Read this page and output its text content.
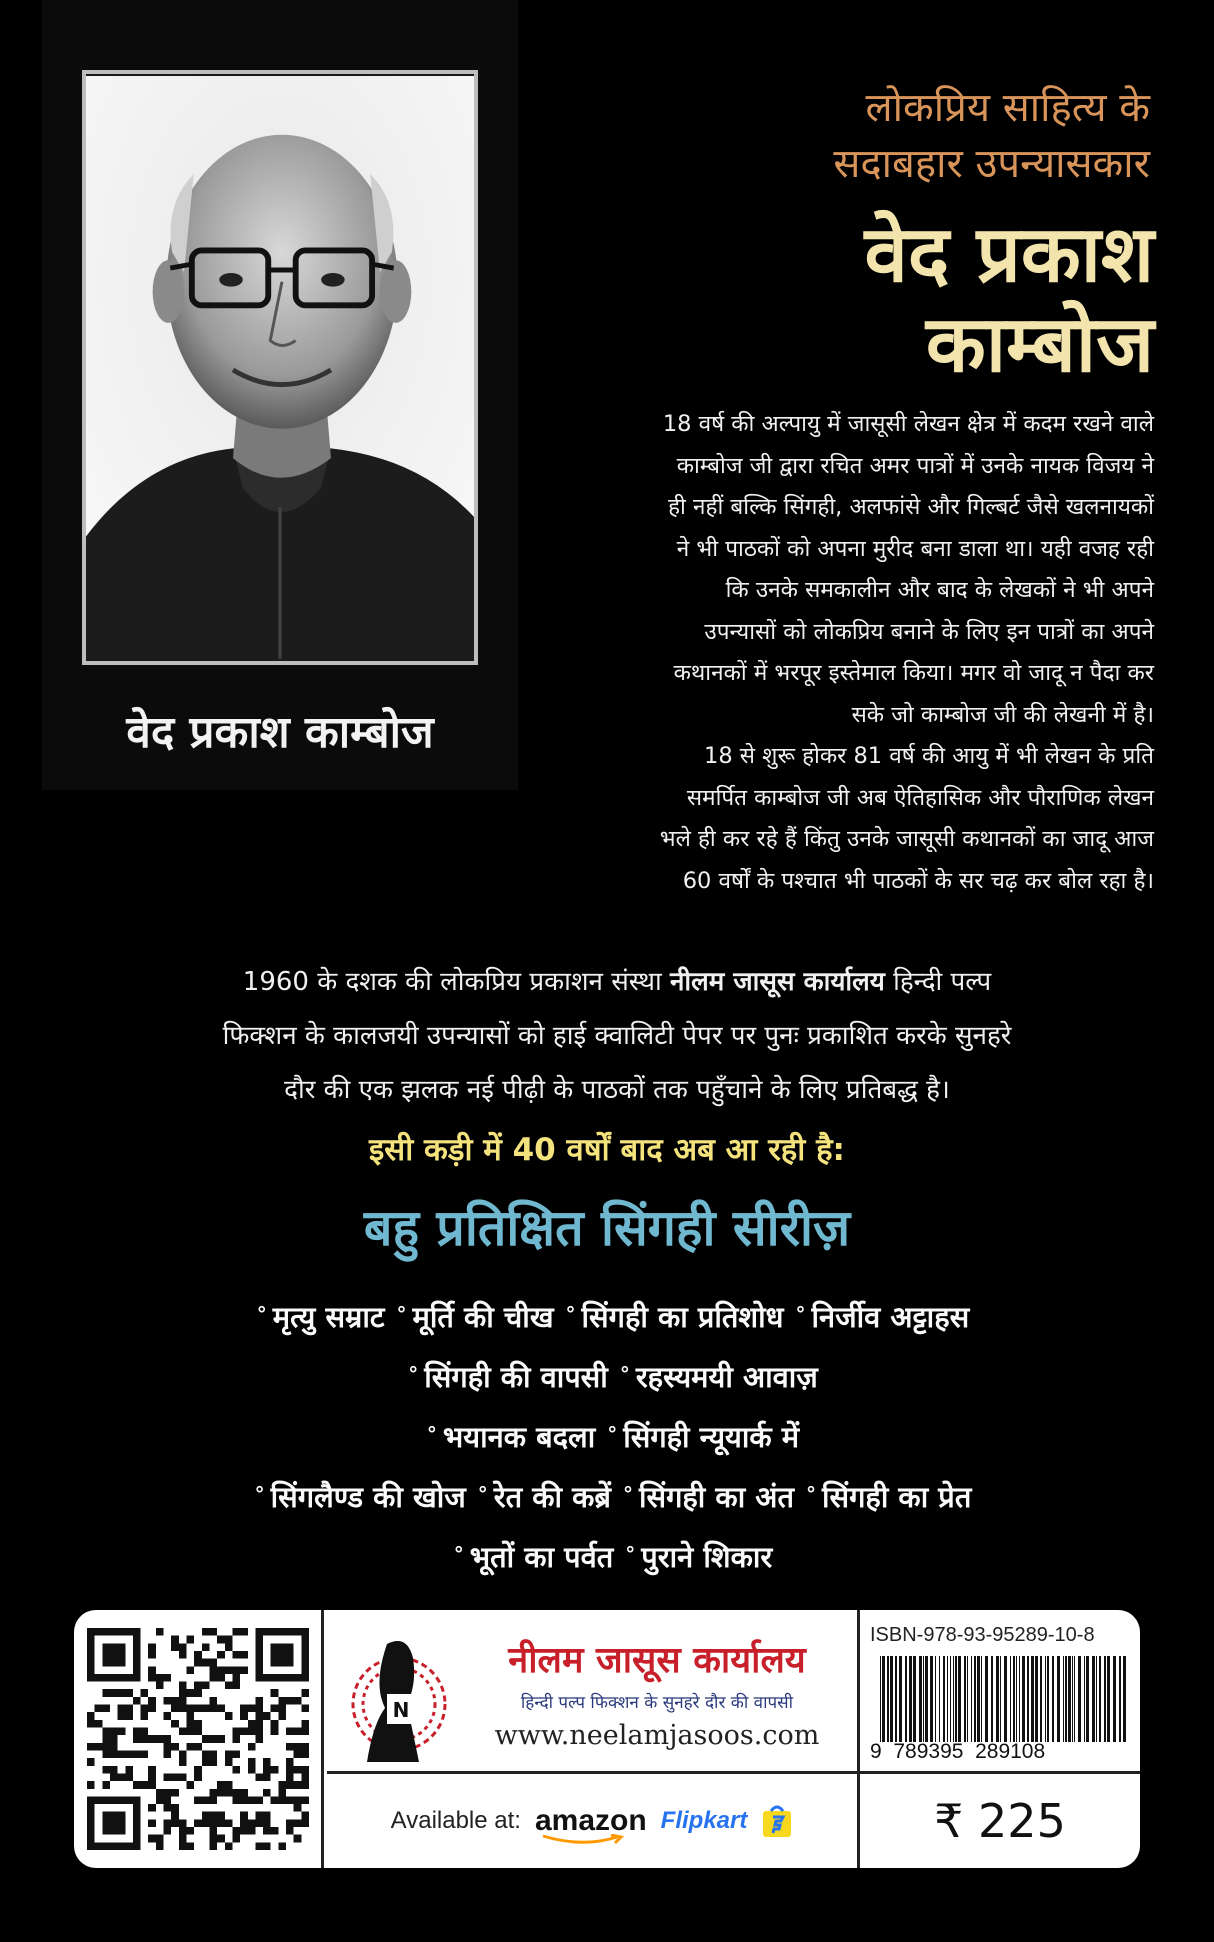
वेद प्रकाश काम्बोज
लोकप्रिय साहित्य के
सदाबहार उपन्यासकार
वेद प्रकाश
काम्बोज
18 वर्ष की अल्पायु में जासूसी लेखन क्षेत्र में कदम रखने वाले
काम्बोज जी द्वारा रचित अमर पात्रों में उनके नायक विजय ने
ही नहीं बल्कि सिंगही, अलफांसे और गिल्बर्ट जैसे खलनायकों
ने भी पाठकों को अपना मुरीद बना डाला था। यही वजह रही
कि उनके समकालीन और बाद के लेखकों ने भी अपने
उपन्यासों को लोकप्रिय बनाने के लिए इन पात्रों का अपने
कथानकों में भरपूर इस्तेमाल किया। मगर वो जादू न पैदा कर
सके जो काम्बोज जी की लेखनी में है।
18 से शुरू होकर 81 वर्ष की आयु में भी लेखन के प्रति
समर्पित काम्बोज जी अब ऐतिहासिक और पौराणिक लेखन
भले ही कर रहे हैं किंतु उनके जासूसी कथानकों का जादू आज
60 वर्षों के पश्चात भी पाठकों के सर चढ़ कर बोल रहा है।
1960 के दशक की लोकप्रिय प्रकाशन संस्था नीलम जासूस कार्यालय हिन्दी पल्प
फिक्शन के कालजयी उपन्यासों को हाई क्वालिटी पेपर पर पुनः प्रकाशित करके सुनहरे
दौर की एक झलक नई पीढ़ी के पाठकों तक पहुँचाने के लिए प्रतिबद्ध है।
इसी कड़ी में 40 वर्षों बाद अब आ रही है:
बहु प्रतिक्षित सिंगही सीरीज़
° मृत्यु सम्राट ° मूर्ति की चीख ° सिंगही का प्रतिशोध ° निर्जीव अट्टाहस
° सिंगही की वापसी ° रहस्यमयी आवाज़
° भयानक बदला ° सिंगही न्यूयार्क में
° सिंगलैण्ड की खोज ° रेत की कब्रें ° सिंगही का अंत ° सिंगही का प्रेत
° भूतों का पर्वत ° पुराने शिकार
N
नीलम जासूस कार्यालय
हिन्दी पल्प फिक्शन के सुनहरे दौर की वापसी
www.neelamjasoos.com
Available at: amazon Flipkart
ISBN-978-93-95289-10-8
9  789395  289108
₹ 225
